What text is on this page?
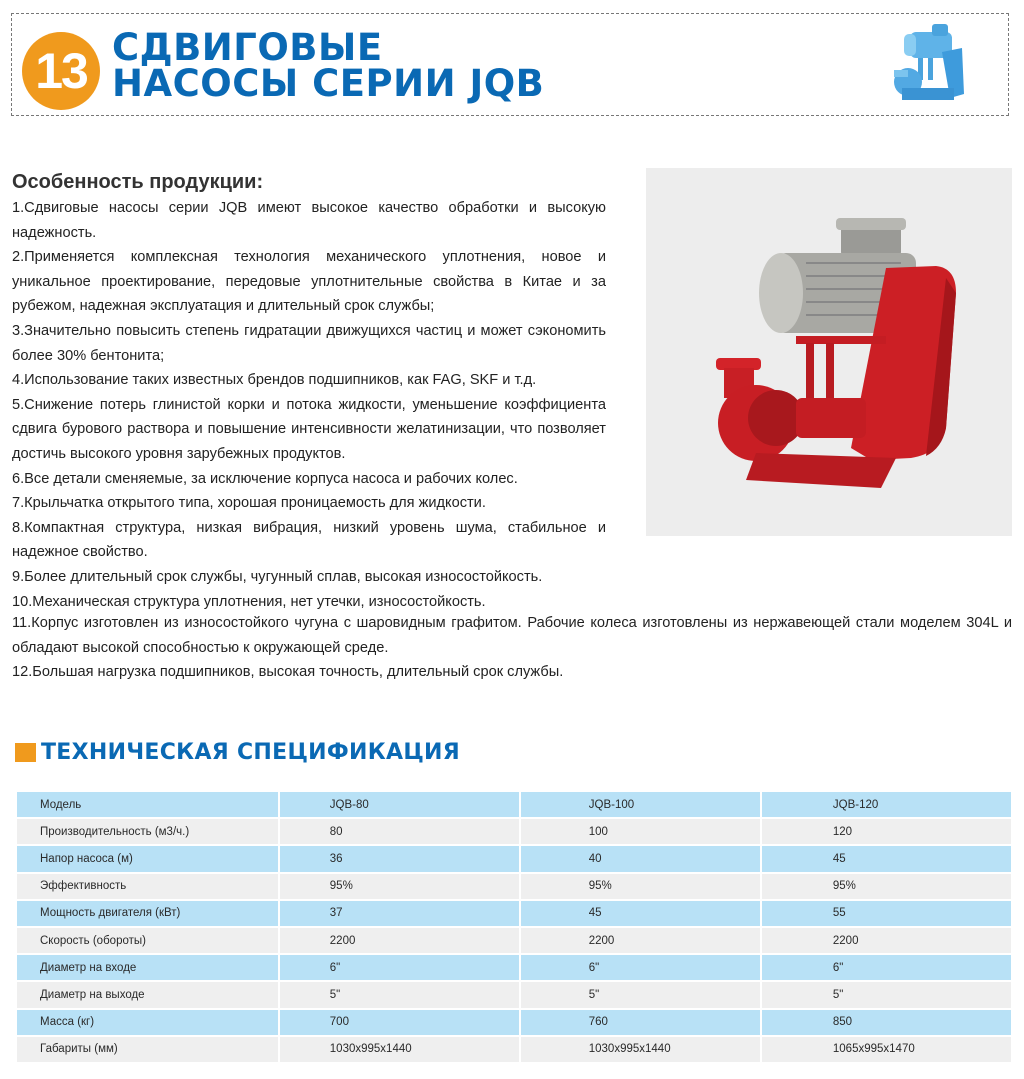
13 СДВИГОВЫЕ
НАСОСЫ СЕРИИ JQB
Особенность продукции:

1.Сдвиговые насосы серии JQB имеют высокое качество обработки и высокую надежность.

2.Применяется комплексная технология механического уплотнения, новое и уникальное проектирование, передовые уплотнительные свойства в Китае и за рубежом, надежная эксплуатация и длительный срок службы;

3.Значительно повысить степень гидратации движущихся частиц и может сэкономить более 30% бентонита;

4.Использование таких известных брендов подшипников, как FAG, SKF и т.д.

5.Снижение потерь глинистой корки и потока жидкости, уменьшение коэффициента сдвига бурового раствора и повышение интенсивности желатинизации, что позволяет достичь высокого уровня зарубежных продуктов.

6.Все детали сменяемые, за исключение корпуса насоса и рабочих колес.

7.Крыльчатка открытого типа, хорошая проницаемость для жидкости.

8.Компактная структура, низкая вибрация, низкий уровень шума, стабильное и надежное свойство.

9.Более длительный срок службы, чугунный сплав, высокая износостойкость.

10.Механическая структура уплотнения, нет утечки, износостойкость.

11.Корпус изготовлен из износостойкого чугуна с шаровидным графитом. Рабочие колеса изготовлены из нержавеющей стали моделем 304L и обладают высокой способностью к окружающей среде.

12.Большая нагрузка подшипников, высокая точность, длительный срок службы.

ТЕХНИЧЕСКАЯ СПЕЦИФИКАЦИЯ
Модель	JQB-80	JQB-100	JQB-120
Производительность (м3/ч.)	80	100	120
Напор насоса (м)	36	40	45
Эффективность	95%	95%	95%
Мощность двигателя (кВт)	37	45	55
Скорость (обороты)	2200	2200	2200
Диаметр на входе	6"	6"	6"
Диаметр на выходе	5"	5"	5"
Масса (кг)	700	760	850
Габариты (мм)	1030x995x1440	1030x995x1440	1065x995x1470
